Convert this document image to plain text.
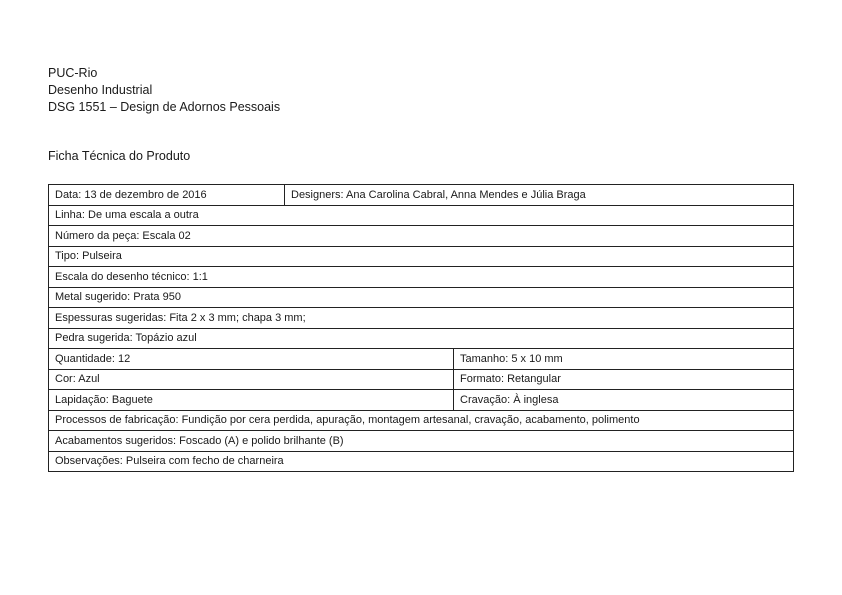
PUC-Rio
Desenho Industrial
DSG 1551 – Design de Adornos Pessoais
Ficha Técnica do Produto
Data: 13 de dezembro de 2016	Designers: Ana Carolina Cabral, Anna Mendes e Júlia Braga	
Linha: De uma escala a outra		
Número da peça: Escala 02		
Tipo: Pulseira		
Escala do desenho técnico: 1:1		
Metal sugerido: Prata 950		
Espessuras sugeridas: Fita 2 x 3 mm; chapa 3 mm;		
Pedra sugerida: Topázio azul		
Quantidade: 12		Tamanho: 5 x 10 mm
Cor: Azul		Formato: Retangular
Lapidação: Baguete		Cravação: À inglesa
Processos de fabricação: Fundição por cera perdida, apuração, montagem artesanal, cravação, acabamento, polimento		
Acabamentos sugeridos: Foscado (A) e polido brilhante (B)		
Observações: Pulseira com fecho de charneira		
